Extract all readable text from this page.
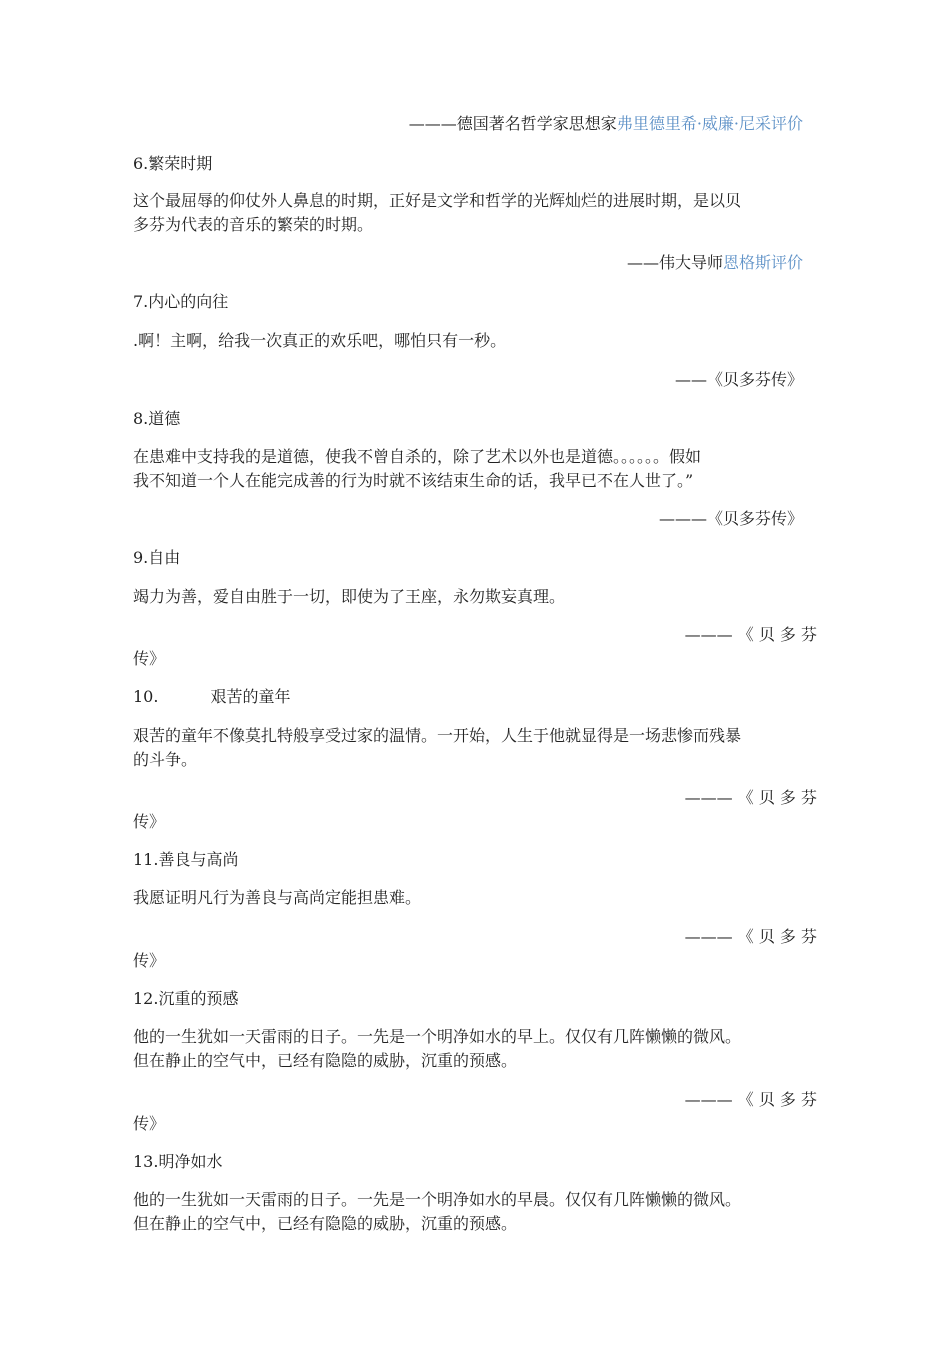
———德国著名哲学家思想家弗里德里希·威廉·尼采评价
6.繁荣时期
这个最屈辱的仰仗外人鼻息的时期，正好是文学和哲学的光辉灿烂的进展时期，是以贝
多芬为代表的音乐的繁荣的时期。
——伟大导师恩格斯评价
7.内心的向往
.啊！主啊，给我一次真正的欢乐吧，哪怕只有一秒。
——《贝多芬传》
8.道德
在患难中支持我的是道德，使我不曾自杀的，除了艺术以外也是道德。。。。。。假如
我不知道一个人在能完成善的行为时就不该结束生命的话，我早已不在人世了。”
———《贝多芬传》
9.自由
竭力为善，爱自由胜于一切，即使为了王座，永勿欺妄真理。
——— 《 贝 多 芬
传》
10.	艰苦的童年
艰苦的童年不像莫扎特般享受过家的温情。一开始，人生于他就显得是一场悲惨而残暴
的斗争。
——— 《 贝 多 芬
传》
11.善良与高尚
我愿证明凡行为善良与高尚定能担患难。
——— 《 贝 多 芬
传》
12.沉重的预感
他的一生犹如一天雷雨的日子。一先是一个明净如水的早上。仅仅有几阵懒懒的微风。
但在静止的空气中，已经有隐隐的威胁，沉重的预感。
——— 《 贝 多 芬
传》
13.明净如水
他的一生犹如一天雷雨的日子。一先是一个明净如水的早晨。仅仅有几阵懒懒的微风。
但在静止的空气中，已经有隐隐的威胁，沉重的预感。
